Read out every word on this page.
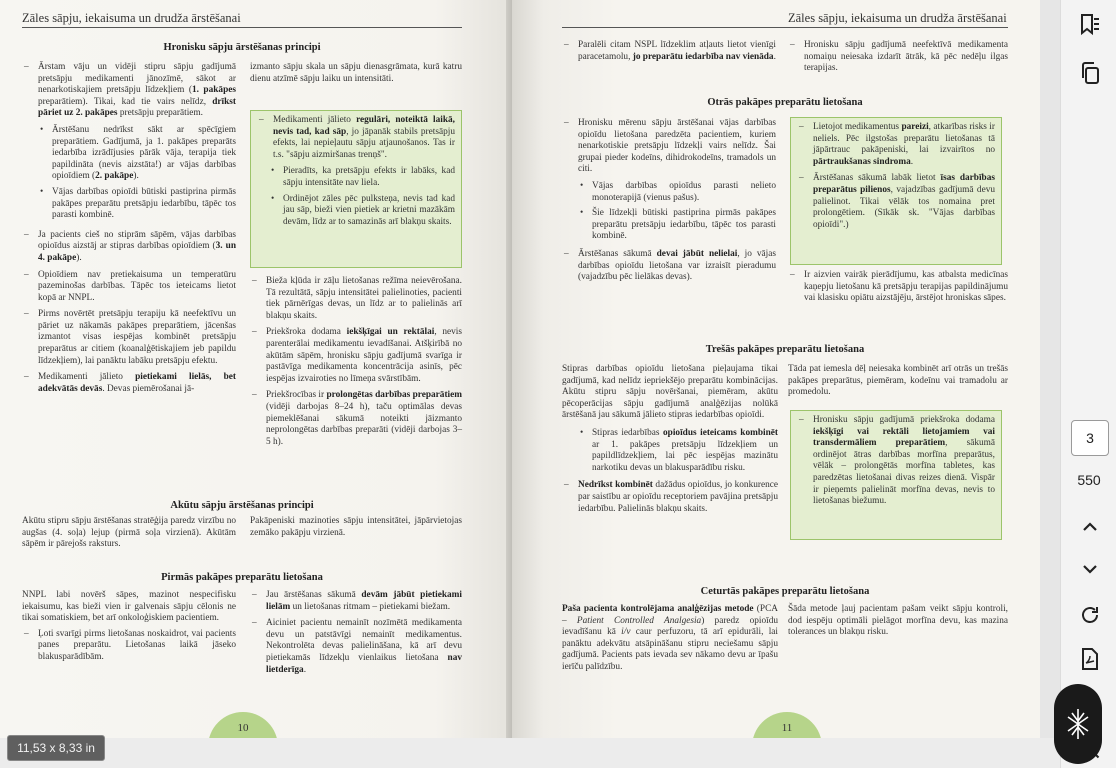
Zāles sāpju, iekaisuma un drudža ārstēšanai
Hronisku sāpju ārstēšanas principi
– Ārstam vāju un vidēji stipru sāpju gadījumā pretsāpju medikamenti jānozīmē, sākot ar nenarkotiskajiem pretsāpju līdzekļiem (1. pakāpes preparātiem). Tikai, kad tie vairs nelīdz, drīkst pāriet uz 2. pakāpes pretsāpju preparātiem.
• Ārstēšanu nedrīkst sākt ar spēcīgiem preparātiem. Gadījumā, ja 1. pakāpes preparāts iedarbība izrādījusies pārāk vāja, terapija tiek papildināta (nevis aizstāta!) ar vājas darbības opioīdiem (2. pakāpe).
• Vājas darbības opioīdi būtiski pastiprina pirmās pakāpes preparātu pretsāpju iedarbību, tāpēc tos parasti kombinē.
– Ja pacients cieš no stiprām sāpēm, vājas darbības opioīdus aizstāj ar stipras darbības opioīdiem (3. un 4. pakāpe).
– Opioīdiem nav pretiekaisuma un temperatūru pazeminošas darbības. Tāpēc tos ieteicams lietot kopā ar NNPL.
– Pirms novērtēt pretsāpju terapiju kā neefektīvu un pāriet uz nākamās pakāpes preparātiem, jācenšas izmantot visas iespējas kombinēt pretsāpju preparātus ar citiem (koanalģētiskajiem jeb papildu līdzekļiem), lai panāktu labāku pretsāpju efektu.
– Medikamenti jālieto pietiekami lielās, bet adekvātās devās. Devas piemērošanai jā-

izmanto sāpju skala un sāpju dienasgrāmata, kurā katru dienu atzīmē sāpju laiku un intensitāti.

– Medikamenti jālieto regulāri, noteiktā laikā, nevis tad, kad sāp, jo jāpanāk stabils pretsāpju efekts, lai nepieļautu sāpju atjaunošanos. Tas ir t.s. "sāpju aizmiršanas trenņš".
• Pieradīts, ka pretsāpju efekts ir labāks, kad sāpju intensitāte nav liela.
• Ordinējot zāles pēc pulksteņa, nevis tad kad jau sāp, bieži vien pietiek ar krietni mazākām devām, līdz ar to samazinās arī blakņu skaits.
– Bieža kļūda ir zāļu lietošanas režīma neievērošana. Tā rezultātā, sāpju intensitātei palielinoties, pacienti tiek pārnērīgas devas, un līdz ar to palielinās arī blakņu skaits.
– Priekšroka dodama iekšķīgai un rektālai, nevis parenterālai medikamentu ievadīšanai. Atšķirībā no akūtām sāpēm, hronisku sāpju gadījumā svarīga ir pastāvīga medikamenta koncentrācija asinīs, pēc iespējas izvairoties no līmeņa svārstībām.
– Priekšrocības ir prolongētas darbības preparātiem (vidēji darbojas 8–24 h), taču optimālas devas piemeklēšanai sākumā noteikti jāizmanto neprolongētas darbības preparāti (vidēji darbojas 3–5 h).
Akūtu sāpju ārstēšanas principi

Akūtu stipru sāpju ārstēšanas stratēģija paredz virzību no augšas (4. soļa) lejup (pirmā soļa virzienā). Akūtām sāpēm ir pārejošs raksturs.

Pakāpeniski mazinoties sāpju intensitātei, jāpārvietojas zemāko pakāpju virzienā.

Pirmās pakāpes preparātu lietošana

NNPL labi novērš sāpes, mazinot nespecifisku iekaisumu, kas bieži vien ir galvenais sāpju cēlonis ne tikai somatiskiem, bet arī onkoloģiskiem pacientiem.

– Ļoti svarīgi pirms lietošanas noskaidrot, vai pacients panes preparātu. Lietošanas laikā jāseko blakusparādībām.
– Jau ārstēšanas sākumā devām jābūt pietiekami lielām un lietošanas ritmam – pietiekami biežam.
– Aiciniet pacientu nemainīt nozīmētā medikamenta devu un patstāvīgi nemainīt medikamentus. Nekontrolēta devas palielināšana, kā arī devu pietiekamās līdzekļu vienlaikus lietošana nav lietderīga.
10
Zāles sāpju, iekaisuma un drudža ārstēšanai
– Paralēli citam NSPL līdzeklim atļauts lietot vienīgi paracetamolu, jo preparātu iedarbība nav vienāda.
– Hronisku sāpju gadījumā neefektīvā medikamenta nomaiņu neiesaka izdarīt ātrāk, kā pēc nedēļu ilgas terapijas.
Otrās pakāpes preparātu lietošana
– Hronisku mērenu sāpju ārstēšanai vājas darbības opioīdu lietošana paredzēta pacientiem, kuriem nenarkotiskie pretsāpju līdzekļi vairs nelīdz. Šai grupai pieder kodeīns, dihidrokodeīns, tramadols un citi.
• Vājas darbības opioīdus parasti nelieto monoterapijā (vienus pašus).
• Šie līdzekļi būtiski pastiprina pirmās pakāpes preparātu pretsāpju iedarbību, tāpēc tos parasti kombinē.
– Ārstēšanas sākumā devai jābūt nelielai, jo vājas darbības opioīdu lietošana var izraisīt pieradumu (vajadzību pēc lielākas devas).
– Lietojot medikamentus pareizi, atkarības risks ir neliels. Pēc ilgstošas preparātu lietošanas tā jāpārtrauc pakāpeniski, lai izvairītos no pārtraukšanas sindroma.
– Ārstēšanas sākumā labāk lietot īsas darbības preparātus pilienos, vajadzības gadījumā devu palielinot. Tikai vēlāk tos nomaina pret prolongētiem. (Sīkāk sk. "Vājas darbības opioīdi".)
– Ir aizvien vairāk pierādījumu, kas atbalsta medicīnas kaņepju lietošanu kā pretsāpju terapijas papildinājumu vai klasisku opiātu aizstājēju, ārstējot hroniskas sāpes.
Trešās pakāpes preparātu lietošana

Stipras darbības opioīdu lietošana pieļaujama tikai gadījumā, kad nelīdz iepriekšējo preparātu kombinācijas. Akūtu stipru sāpju novēršanai, piemēram, akūtu pēcoperācijas sāpju gadījumā analģēzijas nolūkā ārstēšanā jau sākumā jālieto stipras iedarbības opioīdi.

• Stipras iedarbības opioīdus ieteicams kombinēt ar 1. pakāpes pretsāpju līdzekļiem un papildlīdzekļiem, lai pēc iespējas mazinātu narkotiku devas un blakusparādību risku.
– Nedrīkst kombinēt dažādus opioīdus, jo konkurence par saistību ar opioīdu receptoriem pavājina pretsāpju iedarbību. Palielinās blakņu skaits.

Tāda pat iemesla dēļ neiesaka kombinēt arī otrās un trešās pakāpes preparātus, piemēram, kodeīnu vai tramadolu ar promedolu.

– Hronisku sāpju gadījumā priekšroka dodama iekšķīgi vai rektāli lietojamiem vai transdermāliem preparātiem, sākumā ordinējot ātras darbības morfīna preparātus, vēlāk – prolongētās morfīna tabletes, kas paredzētas lietošanai divas reizes dienā. Vispār ir pieņemts palielināt morfīna devas, nevis to lietošanas biežumu.
Ceturtās pakāpes preparātu lietošana

Paša pacienta kontrolējama analģēzijas metode (PCA – Patient Controlled Analgesia) paredz opioīdu ievadīšanu kā i/v caur perfuzoru, tā arī epidurāli, lai panāktu adekvātu atsāpināšanu stipru neciešamu sāpju gadījumā. Pacients pats ievada sev nākamo devu ar īpašu ierīču palīdzību.

Šāda metode ļauj pacientam pašam veikt sāpju kontroli, dod iespēju optimāli pielāgot morfīna devu, kas mazina tolerances un blakņu risku.

11
11,53 x 8,33 in
3
550
